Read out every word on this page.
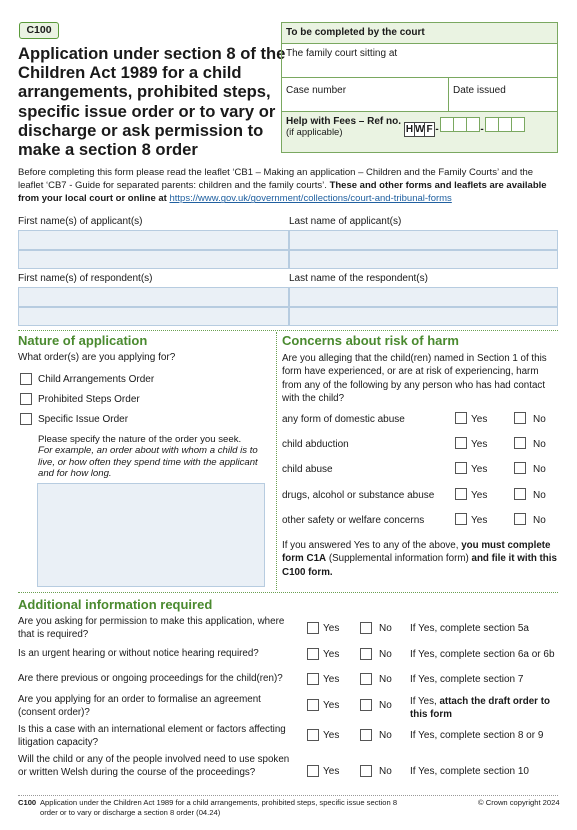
C100
Application under section 8 of the Children Act 1989 for a child arrangements, prohibited steps, specific issue order or to vary or discharge or ask permission to make a section 8 order
To be completed by the court
The family court sitting at
Case number	Date issued
Help with Fees – Ref no.
(if applicable)	H W F -	-
Before completing this form please read the leaflet ‘CB1 – Making an application – Children and the Family Courts’ and the leaflet ‘CB7 - Guide for separated parents: children and the family courts’. These and other forms and leaflets are available from your local court or online at https://www.gov.uk/government/collections/court-and-tribunal-forms
First name(s) of applicant(s)	Last name of applicant(s)
First name(s) of respondent(s)	Last name of the respondent(s)
Nature of application
What order(s) are you applying for?
Child Arrangements Order
Prohibited Steps Order
Specific Issue Order
Please specify the nature of the order you seek.
For example, an order about with whom a child is to live, or how often they spend time with the applicant and for how long.
Concerns about risk of harm
Are you alleging that the child(ren) named in Section 1 of this form have experienced, or are at risk of experiencing, harm from any of the following by any person who has had contact with the child?
any form of domestic abuse	Yes	No
child abduction	Yes	No
child abuse	Yes	No
drugs, alcohol or substance abuse	Yes	No
other safety or welfare concerns	Yes	No
If you answered Yes to any of the above, you must complete form C1A (Supplemental information form) and file it with this C100 form.
Additional information required
Are you asking for permission to make this application, where that is required?	Yes	No If Yes, complete section 5a
Is an urgent hearing or without notice hearing required?	Yes	No If Yes, complete section 6a or 6b
Are there previous or ongoing proceedings for the child(ren)?	Yes	No If Yes, complete section 7
Are you applying for an order to formalise an agreement (consent order)?
Yes	No If Yes, attach the draft order to this form
Is this a case with an international element or factors affecting litigation capacity?
Yes	No If Yes, complete section 8 or 9
Will the child or any of the people involved need to use spoken or written Welsh during the course of the proceedings?	Yes	No If Yes, complete section 10
C100 Application under the Children Act 1989 for a child arrangements, prohibited steps, specific issue section 8
order or to vary or discharge a section 8 order (04.24)
© Crown copyright 2024
